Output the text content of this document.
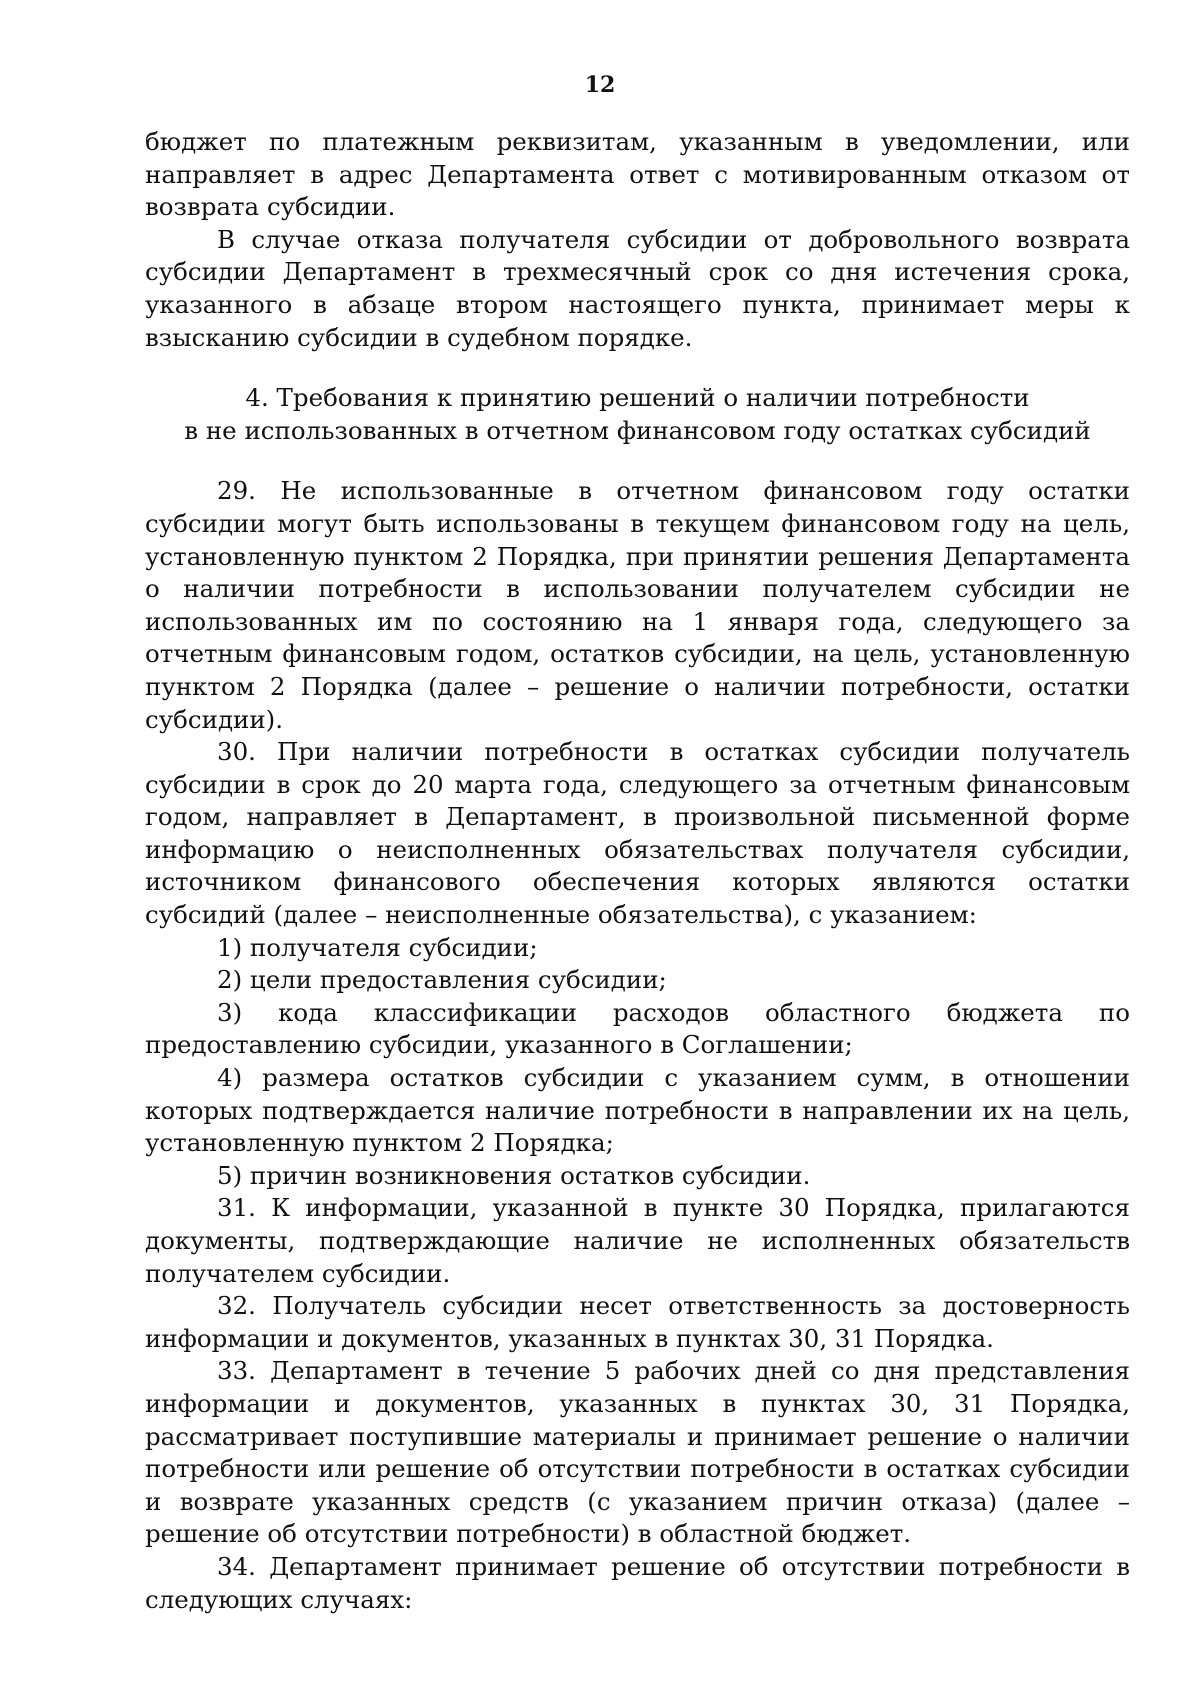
12

бюджет по платежным реквизитам, указанным в уведомлении, или направляет в адрес Департамента ответ с мотивированным отказом от возврата субсидии.

В случае отказа получателя субсидии от добровольного возврата субсидии Департамент в трехмесячный срок со дня истечения срока, указанного в абзаце втором настоящего пункта, принимает меры к взысканию субсидии в судебном порядке.

4. Требования к принятию решений о наличии потребности
в не использованных в отчетном финансовом году остатках субсидий

29. Не использованные в отчетном финансовом году остатки субсидии могут быть использованы в текущем финансовом году на цель, установленную пунктом 2 Порядка, при принятии решения Департамента о наличии потребности в использовании получателем субсидии не использованных им по состоянию на 1 января года, следующего за отчетным финансовым годом, остатков субсидии, на цель, установленную пунктом 2 Порядка (далее – решение о наличии потребности, остатки субсидии).

30. При наличии потребности в остатках субсидии получатель субсидии в срок до 20 марта года, следующего за отчетным финансовым годом, направляет в Департамент, в произвольной письменной форме информацию о неисполненных обязательствах получателя субсидии, источником финансового обеспечения которых являются остатки субсидий (далее – неисполненные обязательства), с указанием:

1) получателя субсидии;

2) цели предоставления субсидии;

3) кода классификации расходов областного бюджета по предоставлению субсидии, указанного в Соглашении;

4) размера остатков субсидии с указанием сумм, в отношении которых подтверждается наличие потребности в направлении их на цель, установленную пунктом 2 Порядка;

5) причин возникновения остатков субсидии.

31. К информации, указанной в пункте 30 Порядка, прилагаются документы, подтверждающие наличие не исполненных обязательств получателем субсидии.

32. Получатель субсидии несет ответственность за достоверность информации и документов, указанных в пунктах 30, 31 Порядка.

33. Департамент в течение 5 рабочих дней со дня представления информации и документов, указанных в пунктах 30, 31 Порядка, рассматривает поступившие материалы и принимает решение о наличии потребности или решение об отсутствии потребности в остатках субсидии и возврате указанных средств (с указанием причин отказа) (далее – решение об отсутствии потребности) в областной бюджет.

34. Департамент принимает решение об отсутствии потребности в следующих случаях:
